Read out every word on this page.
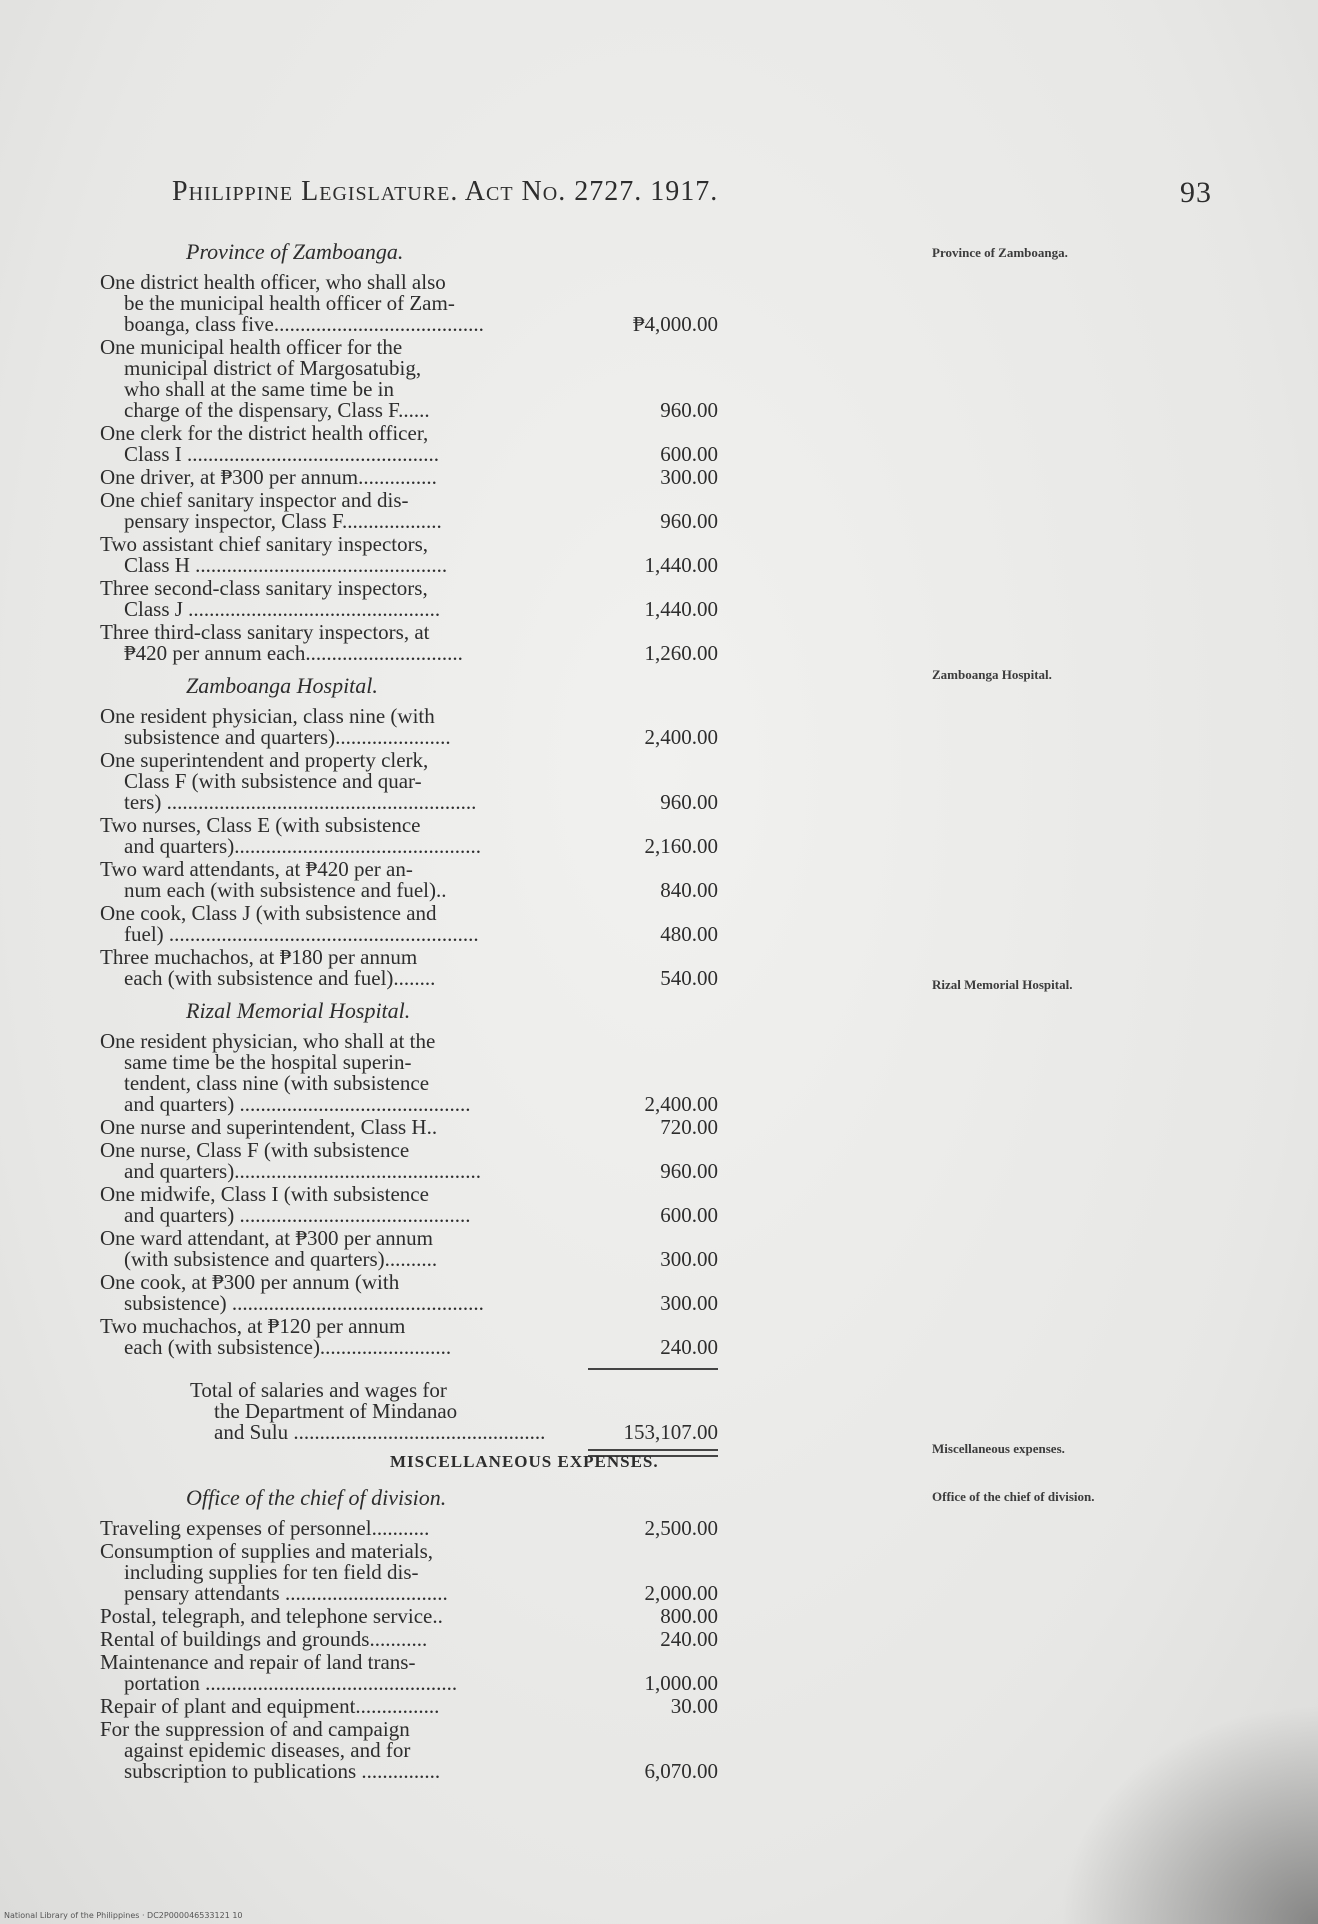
Philippine Legislature. Act No. 2727. 1917.	93
Province of Zamboanga.
One district health officer, who shall also
be the municipal health officer of Zam-
boanga, class five........................................	₱4,000.00
One municipal health officer for the
municipal district of Margosatubig,
who shall at the same time be in
charge of the dispensary, Class F......	960.00
One clerk for the district health officer,
Class I ................................................	600.00
One driver, at ₱300 per annum...............	300.00
One chief sanitary inspector and dis-
pensary inspector, Class F...................	960.00
Two assistant chief sanitary inspectors,
Class H ................................................	1,440.00
Three second-class sanitary inspectors,
Class J ................................................	1,440.00
Three third-class sanitary inspectors, at
₱420 per annum each..............................	1,260.00
Zamboanga Hospital.
One resident physician, class nine (with
subsistence and quarters)......................	2,400.00
One superintendent and property clerk,
Class F (with subsistence and quar-
ters) ...........................................................	960.00
Two nurses, Class E (with subsistence
and quarters)...............................................	2,160.00
Two ward attendants, at ₱420 per an-
num each (with subsistence and fuel)..	840.00
One cook, Class J (with subsistence and
fuel) ...........................................................	480.00
Three muchachos, at ₱180 per annum
each (with subsistence and fuel)........	540.00
Rizal Memorial Hospital.
One resident physician, who shall at the
same time be the hospital superin-
tendent, class nine (with subsistence
and quarters) ............................................	2,400.00
One nurse and superintendent, Class H..	720.00
One nurse, Class F (with subsistence
and quarters)...............................................	960.00
One midwife, Class I (with subsistence
and quarters) ............................................	600.00
One ward attendant, at ₱300 per annum
(with subsistence and quarters)..........	300.00
One cook, at ₱300 per annum (with
subsistence) ................................................	300.00
Two muchachos, at ₱120 per annum
each (with subsistence).........................	240.00
Total of salaries and wages for
the Department of Mindanao
and Sulu ................................................	153,107.00
MISCELLANEOUS EXPENSES.
Office of the chief of division.
Traveling expenses of personnel...........	2,500.00
Consumption of supplies and materials,
including supplies for ten field dis-
pensary attendants ...............................	2,000.00
Postal, telegraph, and telephone service..	800.00
Rental of buildings and grounds...........	240.00
Maintenance and repair of land trans-
portation ................................................	1,000.00
Repair of plant and equipment................	30.00
For the suppression of and campaign
against epidemic diseases, and for
subscription to publications ...............	6,070.00
Province of Zamboanga.
Zamboanga Hospital.
Rizal Memorial Hospital.
Miscellaneous expenses.
Office of the chief of division.
National Library of the Philippines · DC2P000046533121 10
